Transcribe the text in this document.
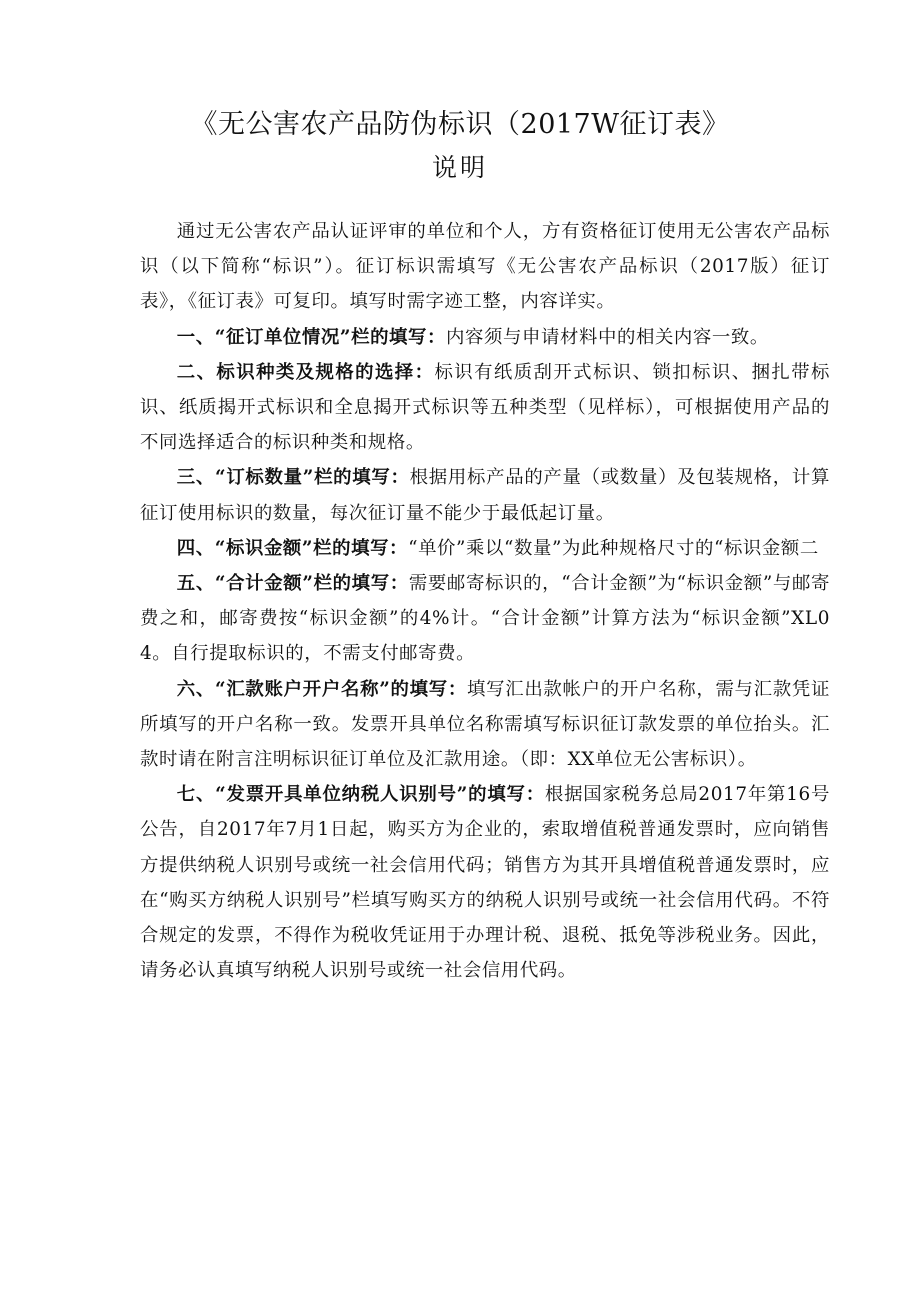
《无公害农产品防伪标识（2017W征订表》
说明

通过无公害农产品认证评审的单位和个人，方有资格征订使用无公害农产品标识（以下简称“标识”）。征订标识需填写《无公害农产品标识（2017版）征订表》，《征订表》可复印。填写时需字迹工整，内容详实。

一、“征订单位情况”栏的填写：内容须与申请材料中的相关内容一致。

二、标识种类及规格的选择：标识有纸质刮开式标识、锁扣标识、捆扎带标识、纸质揭开式标识和全息揭开式标识等五种类型（见样标），可根据使用产品的不同选择适合的标识种类和规格。

三、“订标数量”栏的填写：根据用标产品的产量（或数量）及包装规格，计算征订使用标识的数量，每次征订量不能少于最低起订量。

四、“标识金额”栏的填写：“单价”乘以“数量”为此种规格尺寸的“标识金额二

五、“合计金额”栏的填写：需要邮寄标识的，“合计金额”为“标识金额”与邮寄费之和，邮寄费按“标识金额”的4%计。“合计金额”计算方法为“标识金额”XL04。自行提取标识的，不需支付邮寄费。

六、“汇款账户开户名称”的填写：填写汇出款帐户的开户名称，需与汇款凭证所填写的开户名称一致。发票开具单位名称需填写标识征订款发票的单位抬头。汇款时请在附言注明标识征订单位及汇款用途。（即：XX单位无公害标识）。

七、“发票开具单位纳税人识别号”的填写：根据国家税务总局2017年第16号公告，自2017年7月1日起，购买方为企业的，索取增值税普通发票时，应向销售方提供纳税人识别号或统一社会信用代码；销售方为其开具增值税普通发票时，应在“购买方纳税人识别号”栏填写购买方的纳税人识别号或统一社会信用代码。不符合规定的发票，不得作为税收凭证用于办理计税、退税、抵免等涉税业务。因此，请务必认真填写纳税人识别号或统一社会信用代码。
